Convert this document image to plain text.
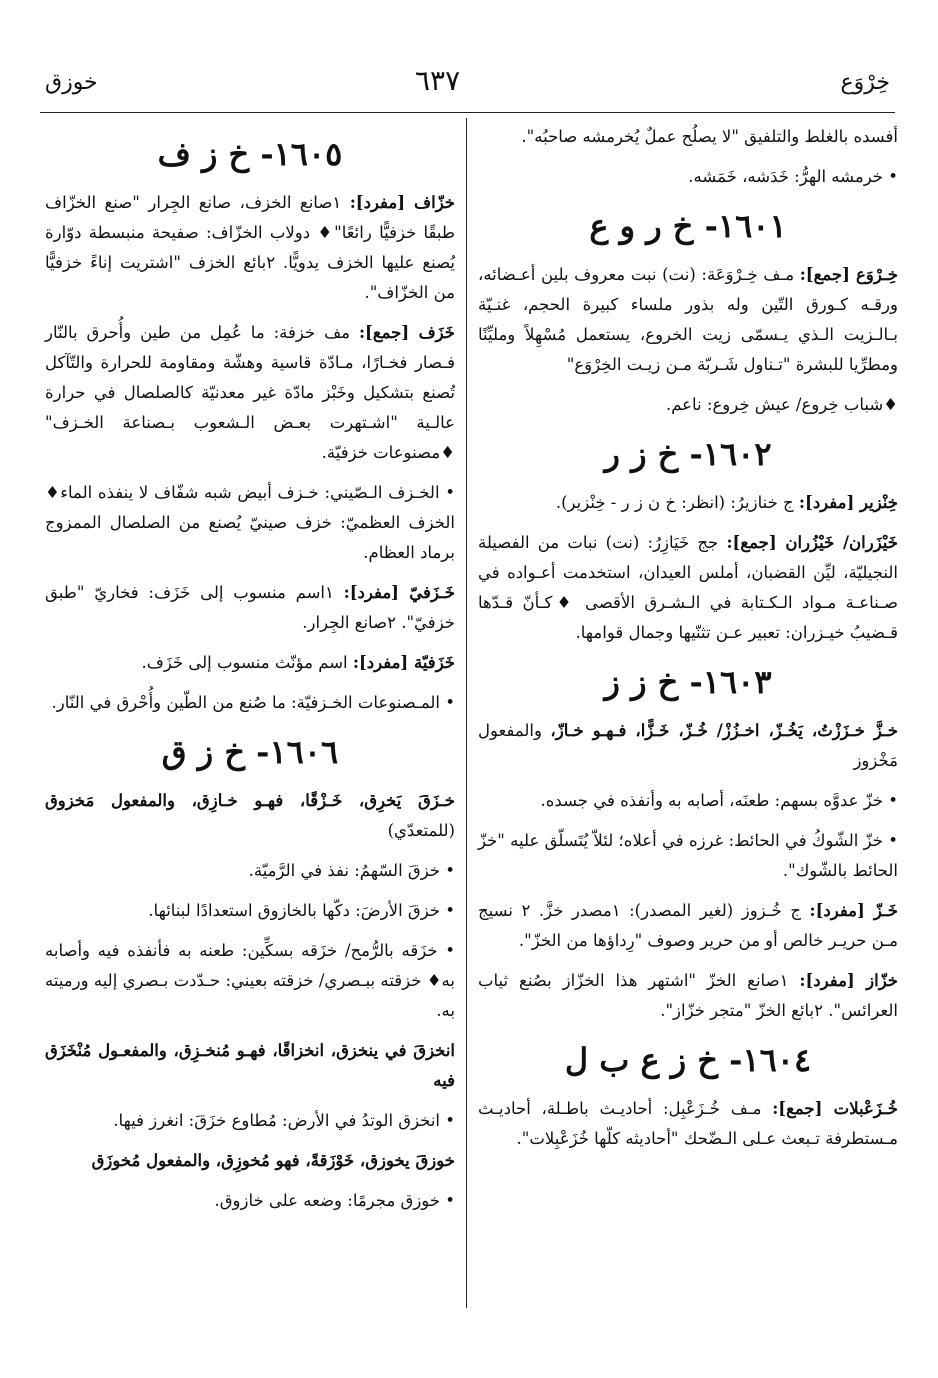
خِرْوَع
٦٣٧
خوزق
أفسده بالغلط والتلفيق "لا يصلُح عملٌ يُخرمشه صاحبُه".
• خرمشه الهرُّ: خَدَشه، خَمَشه.
١٦٠١- خ ر و ع
خِـرْوَع [جمع]: مـف خِـرْوَعَة: (نت) نبت معروف بلين أعـضائه، ورقـه كـورق التّين وله بذور ملساء كبيرة الحجم، غنـيّة بـالـزيت الـذي يـسمّى زيت الخروع، يستعمل مُسْهِلاً ومليِّنًا ومطرِّيا للبشرة "تـناول شَـربّة مـن زيـت الخِرْوَع"
♦شباب خِروع/ عيش خِروع: ناعم.
١٦٠٢- خ ز ر
خِنْزير [مفرد]: ج خنازيرُ: (انظر: خ ن ز ر - خِنْزير).
خَيْزَران/ خَيْزُران [جمع]: جج خَيَازِرُ: (نت) نبات من الفصيلة النجيليّة، ليِّن القضبان، أملس العيدان، استخدمت أعـواده في صـناعـة مـواد الـكـتابة في الـشـرق الأقصى ♦كـأنّ قـدّها قـضيبُ خيـزران: تعبير عـن تثنّيها وجمال قوامها.
١٦٠٣- خ ز ز
خـزَّ خـزَزْتُ، يَخُـزّ، اخـزُزْ/ خُـزّ، خَـزًّا، فـهـو خـازّ، والمفعول مَخْزوز
• خزّ عدوَّه بسهم: طعنَه، أصابه به وأنفذه في جسده.
• خزّ الشّوكُ في الحائط: غرزه في أعلاه؛ لئلاّ يُتَسلّق عليه "خزّ الحائط بالشّوك".
خَـزّ [مفرد]: ج خُـزوز (لغير المصدر): ١مصدر خزَّ. ٢ نسيج مـن حريـر خالص أو من حرير وصوف "رِداؤها من الخزّ".
خزّاز [مفرد]: ١صانع الخزّ "اشتهر هذا الخزّاز بصُنع ثياب العرائس". ٢بائع الخزّ "متجر خزّاز".
١٦٠٤- خ ز ع ب ل
خُـزَعْبلات [جمع]: مـف خُـزَعْبِل: أحاديـث باطـلة، أحاديـث مـستطرفة تـبعث عـلى الـضّحك "أحاديثه كلّها خُزَعْبِلات".
١٦٠٥- خ ز ف
خزّاف [مفرد]: ١صانع الخزف، صانع الجِرار "صنع الخزّاف طبقًا خزفيًّا رائعًا"♦ دولاب الخزّاف: صفيحة منبسطة دوّارة يُصنع عليها الخزف يدويًّا. ٢بائع الخزف "اشتريت إناءً خزفيًّا من الخزّاف".
خَزَف [جمع]: مف خزفة: ما عُمِل من طين وأُحرق بالنّار فـصار فخـارًا، مـادّة قاسية وهشّة ومقاومة للحرارة والتّآكل تُصنع بتشكيل وخَبْز مادّة غير معدنيّة كالصلصال في حرارة عالـية "اشـتهرت بعـض الـشعوب بـصناعة الخـزف" ♦مصنوعات خزفيّة.
• الخـزف الـصّيني: خـزف أبيض شبه شفّاف لا ينفذه الماء♦ الخزف العظميّ: خزف صينيّ يُصنع من الصلصال الممزوج برماد العظام.
خَـزَفيّ [مفرد]: ١اسم منسوب إلى خَزَف: فخاريّ "طبق خزفيّ". ٢صانع الجِرار.
خَزَفيّة [مفرد]: اسم مؤنّث منسوب إلى خَزَف.
• المـصنوعات الخـزفيّة: ما صُنع من الطّين وأُحْرق في النّار.
١٦٠٦- خ ز ق
خـزَقَ يَخرِق، خَـزْقًا، فهـو خـازِق، والمفعول مَخزوق (للمتعدّي)
• خزقَ السّهمُ: نفذ في الرَّميّة.
• خزقَ الأرضَ: دكّها بالخازوق استعدادًا لبنائها.
• خزَقه بالرُّمح/ خزَقه بسكِّين: طعنه به فأنفذه فيه وأصابه به♦ خزقته ببـصري/ خزقته بعيني: حـدّدت بـصري إليه ورميته به.
انخزقَ في ينخزق، انخزاقًا، فهـو مُنخـزِق، والمفعـول مُنْخَزَق فيه
• انخزق الوتدُ في الأرض: مُطاوع خزَقَ: انغرز فيها.
خوزقَ يخوزق، خَوْزَقةً، فهو مُخوزِق، والمفعول مُخوزَق
• خوزق مجرمًا: وضعه على خازوق.
